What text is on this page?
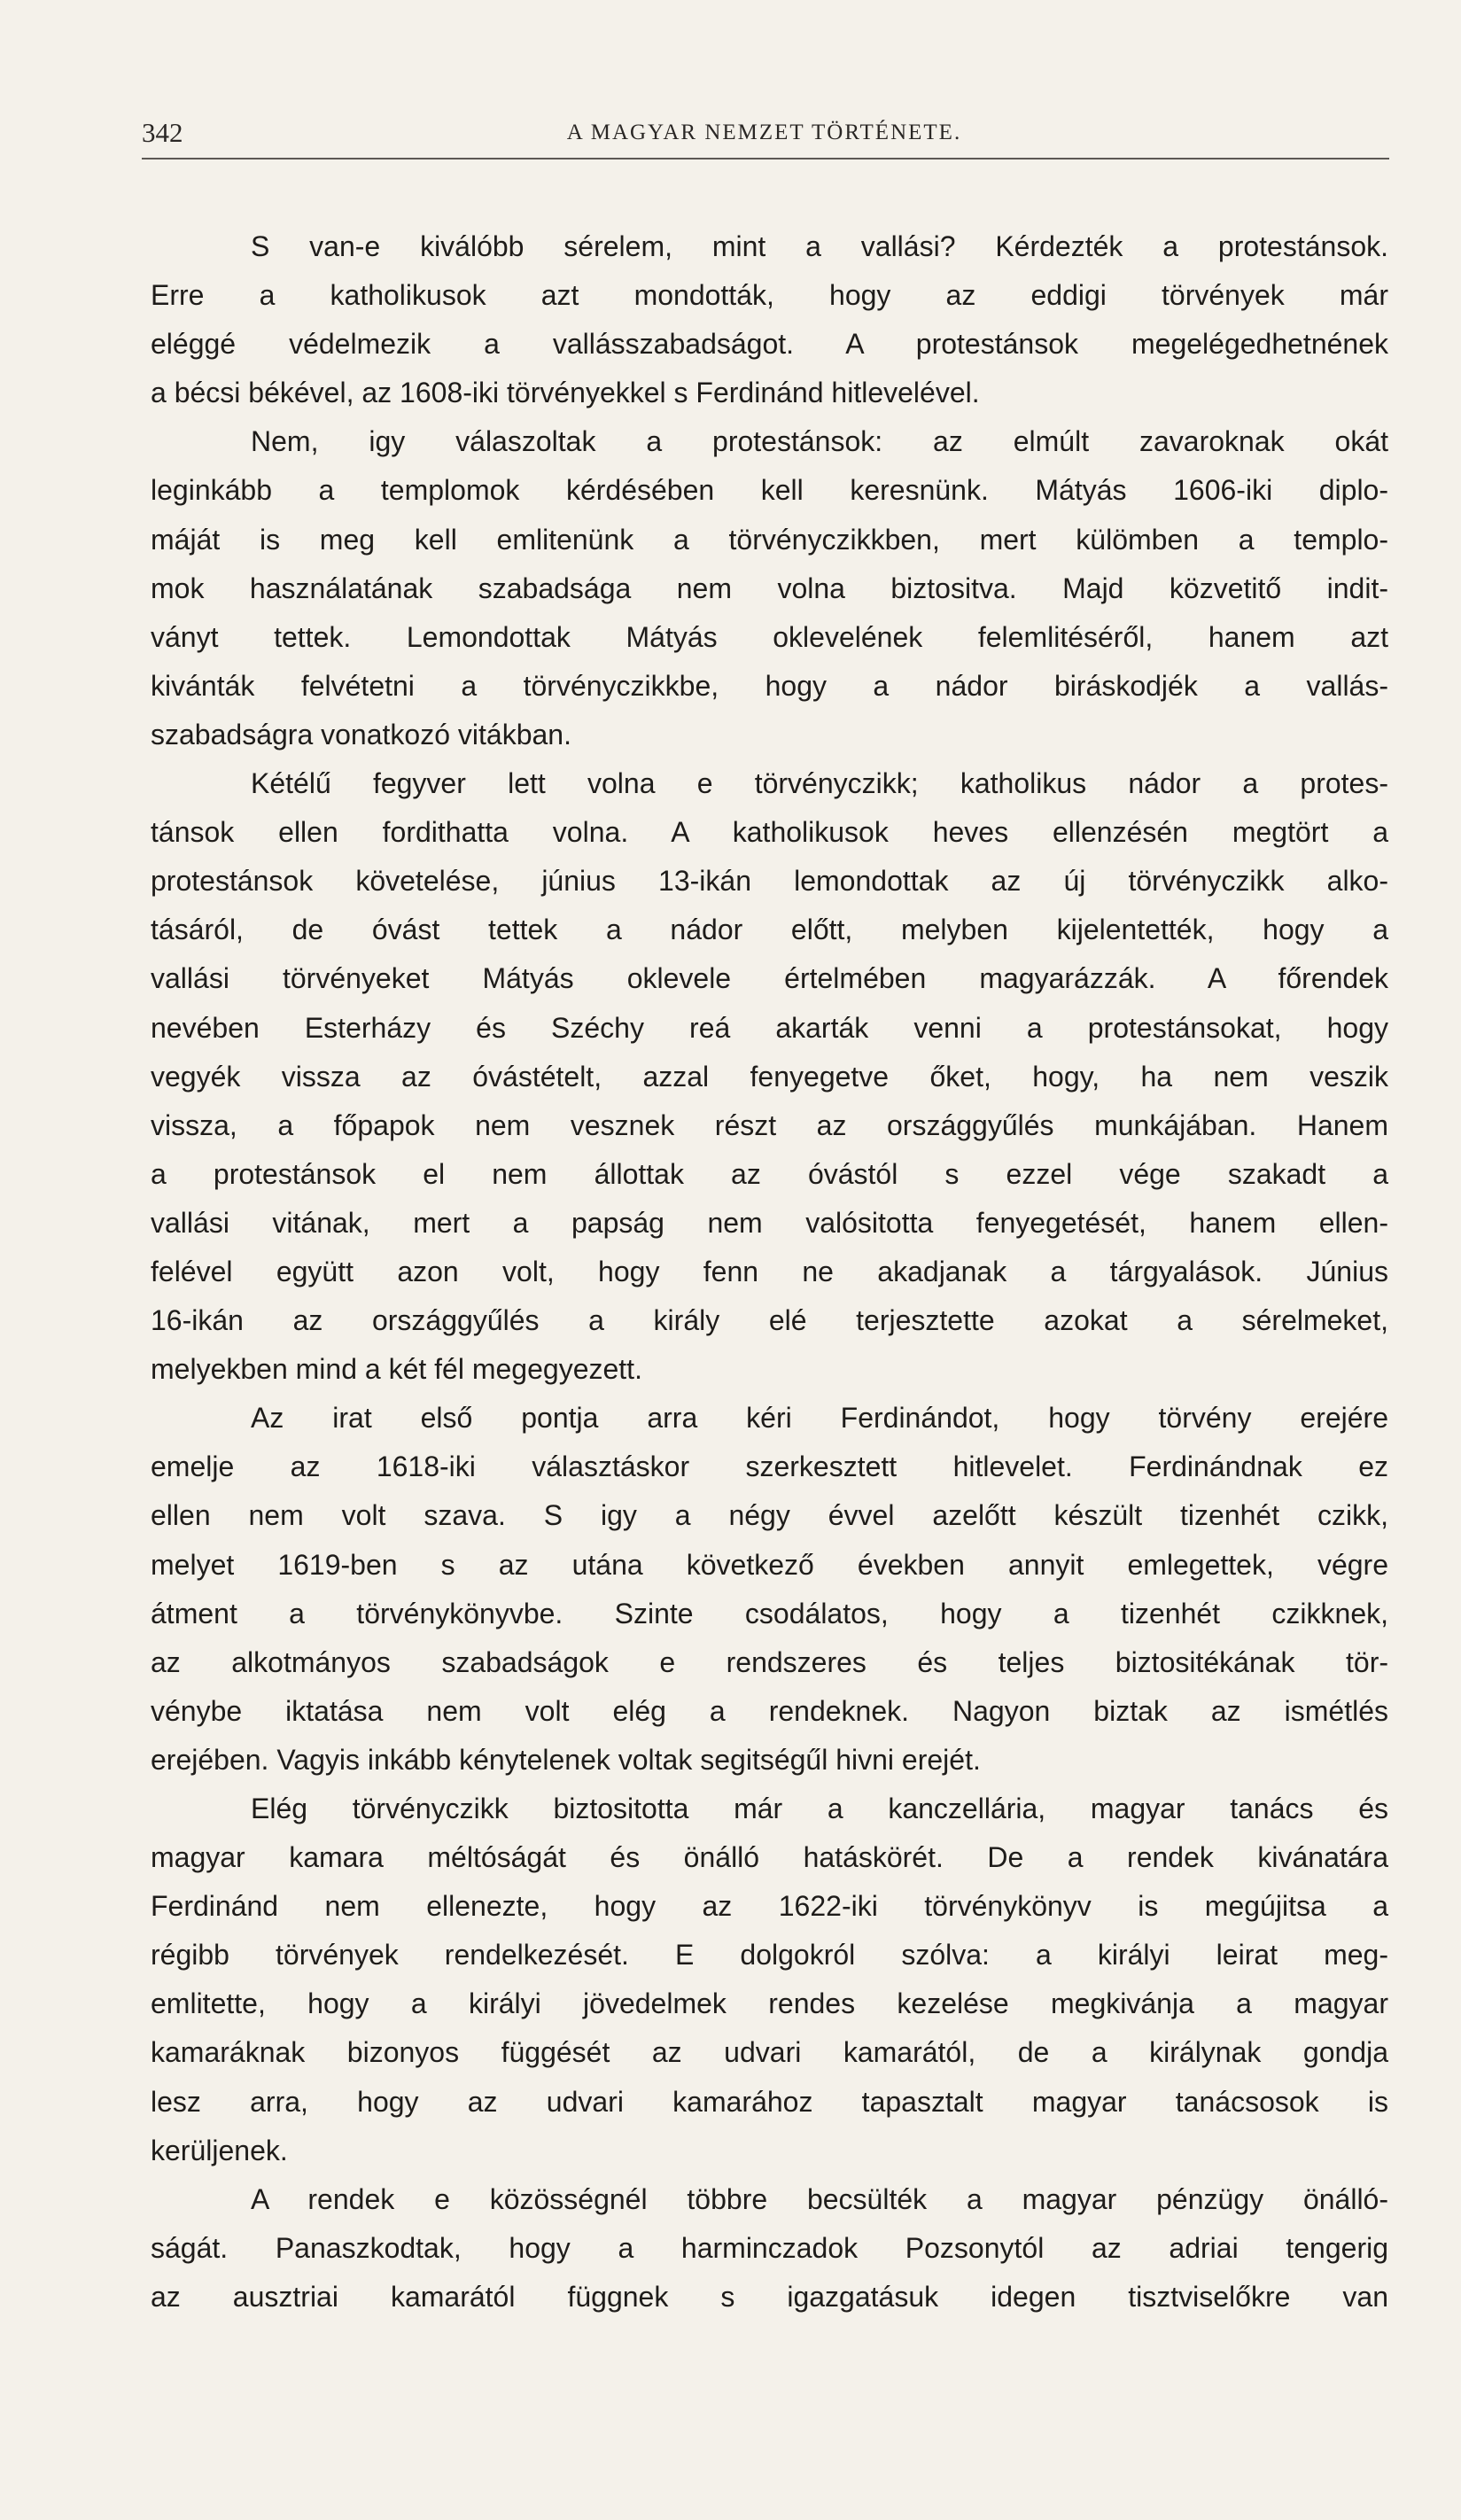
342	A MAGYAR NEMZET TÖRTÉNETE.
S van-e kiválóbb sérelem, mint a vallási? Kérdezték a protestánsok.
Erre a katholikusok azt mondották, hogy az eddigi törvények már
eléggé védelmezik a vallásszabadságot. A protestánsok megelégedhetnének
a bécsi békével, az 1608-iki törvényekkel s Ferdinánd hitlevelével.
Nem, igy válaszoltak a protestánsok: az elmúlt zavaroknak okát
leginkább a templomok kérdésében kell keresnünk. Mátyás 1606-iki diplo-
máját is meg kell emlitenünk a törvényczikkben, mert külömben a templo-
mok használatának szabadsága nem volna biztositva. Majd közvetitő indit-
ványt tettek. Lemondottak Mátyás oklevelének felemlitéséről, hanem azt
kivánták felvétetni a törvényczikkbe, hogy a nádor biráskodjék a vallás-
szabadságra vonatkozó vitákban.
Kétélű fegyver lett volna e törvényczikk; katholikus nádor a protes-
tánsok ellen fordithatta volna. A katholikusok heves ellenzésén megtört a
protestánsok követelése, június 13-ikán lemondottak az új törvényczikk alko-
tásáról, de óvást tettek a nádor előtt, melyben kijelentették, hogy a
vallási törvényeket Mátyás oklevele értelmében magyarázzák. A főrendek
nevében Esterházy és Széchy reá akarták venni a protestánsokat, hogy
vegyék vissza az óvástételt, azzal fenyegetve őket, hogy, ha nem veszik
vissza, a főpapok nem vesznek részt az országgyűlés munkájában. Hanem
a protestánsok el nem állottak az óvástól s ezzel vége szakadt a
vallási vitának, mert a papság nem valósitotta fenyegetését, hanem ellen-
felével együtt azon volt, hogy fenn ne akadjanak a tárgyalások. Június
16-ikán az országgyűlés a király elé terjesztette azokat a sérelmeket,
melyekben mind a két fél megegyezett.
Az irat első pontja arra kéri Ferdinándot, hogy törvény erejére
emelje az 1618-iki választáskor szerkesztett hitlevelet. Ferdinándnak ez
ellen nem volt szava. S igy a négy évvel azelőtt készült tizenhét czikk,
melyet 1619-ben s az utána következő években annyit emlegettek, végre
átment a törvénykönyvbe. Szinte csodálatos, hogy a tizenhét czikknek,
az alkotmányos szabadságok e rendszeres és teljes biztositékának tör-
vénybe iktatása nem volt elég a rendeknek. Nagyon biztak az ismétlés
erejében. Vagyis inkább kénytelenek voltak segitségűl hivni erejét.
Elég törvényczikk biztositotta már a kanczellária, magyar tanács és
magyar kamara méltóságát és önálló hatáskörét. De a rendek kivánatára
Ferdinánd nem ellenezte, hogy az 1622-iki törvénykönyv is megújitsa a
régibb törvények rendelkezését. E dolgokról szólva: a királyi leirat meg-
emlitette, hogy a királyi jövedelmek rendes kezelése megkivánja a magyar
kamaráknak bizonyos függését az udvari kamarától, de a királynak gondja
lesz arra, hogy az udvari kamarához tapasztalt magyar tanácsosok is
kerüljenek.
A rendek e közösségnél többre becsülték a magyar pénzügy önálló-
ságát. Panaszkodtak, hogy a harminczadok Pozsonytól az adriai tengerig
az ausztriai kamarától függnek s igazgatásuk idegen tisztviselőkre van
